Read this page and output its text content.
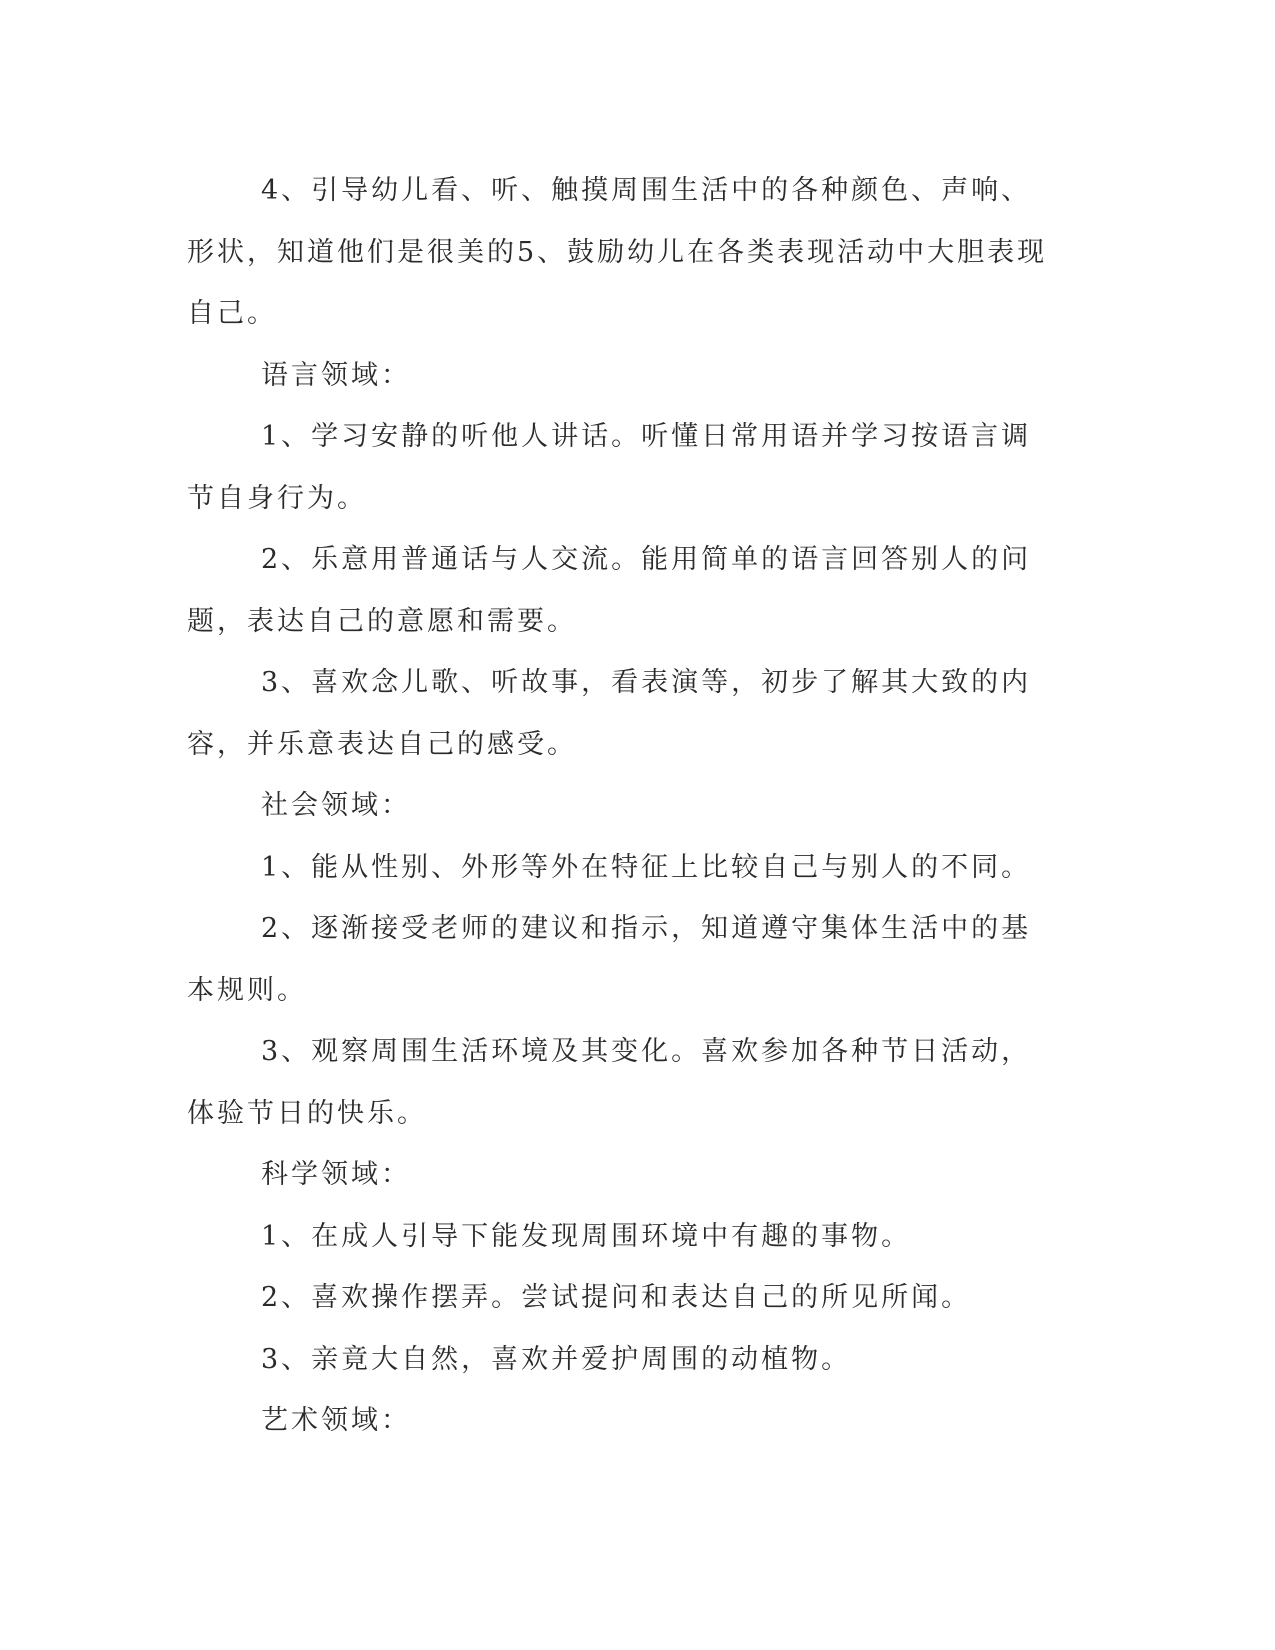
4、引导幼儿看、听、触摸周围生活中的各种颜色、声响、形状，知道他们是很美的5、鼓励幼儿在各类表现活动中大胆表现自己。

语言领域：

1、学习安静的听他人讲话。听懂日常用语并学习按语言调节自身行为。

2、乐意用普通话与人交流。能用简单的语言回答别人的问题，表达自己的意愿和需要。

3、喜欢念儿歌、听故事，看表演等，初步了解其大致的内容，并乐意表达自己的感受。

社会领域：

1、能从性别、外形等外在特征上比较自己与别人的不同。

2、逐渐接受老师的建议和指示，知道遵守集体生活中的基本规则。

3、观察周围生活环境及其变化。喜欢参加各种节日活动，体验节日的快乐。

科学领域：

1、在成人引导下能发现周围环境中有趣的事物。

2、喜欢操作摆弄。尝试提问和表达自己的所见所闻。

3、亲竟大自然，喜欢并爱护周围的动植物。

艺术领域：
